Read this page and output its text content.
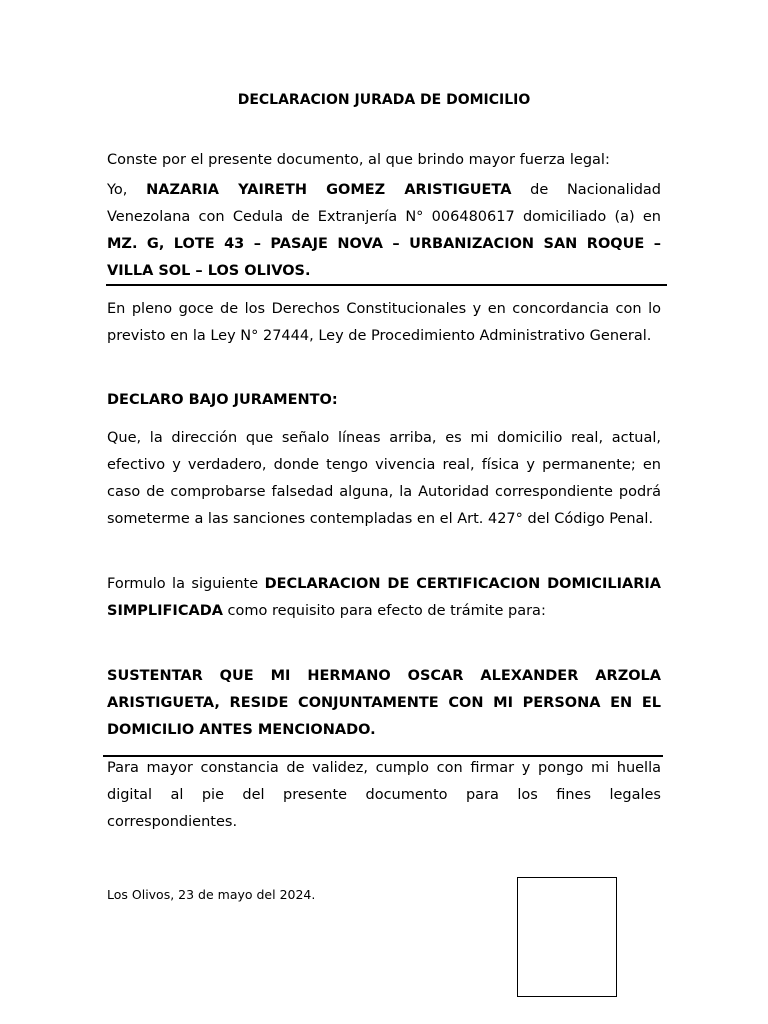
DECLARACION JURADA DE DOMICILIO
Conste por el presente documento, al que brindo mayor fuerza legal:
Yo, NAZARIA YAIRETH GOMEZ ARISTIGUETA de Nacionalidad Venezolana con Cedula de Extranjería N° 006480617 domiciliado (a) en MZ. G, LOTE 43 – PASAJE NOVA – URBANIZACION SAN ROQUE – VILLA SOL – LOS OLIVOS.
En pleno goce de los Derechos Constitucionales y en concordancia con lo previsto en la Ley N° 27444, Ley de Procedimiento Administrativo General.
DECLARO BAJO JURAMENTO:
Que, la dirección que señalo líneas arriba, es mi domicilio real, actual, efectivo y verdadero, donde tengo vivencia real, física y permanente; en caso de comprobarse falsedad alguna, la Autoridad correspondiente podrá someterme a las sanciones contempladas en el Art. 427° del Código Penal.
Formulo la siguiente DECLARACION DE CERTIFICACION DOMICILIARIA SIMPLIFICADA como requisito para efecto de trámite para:
SUSTENTAR QUE MI HERMANO OSCAR ALEXANDER ARZOLA ARISTIGUETA, RESIDE CONJUNTAMENTE CON MI PERSONA EN EL DOMICILIO ANTES MENCIONADO.
Para mayor constancia de validez, cumplo con firmar y pongo mi huella digital al pie del presente documento para los fines legales correspondientes.
Los Olivos, 23 de mayo del 2024.
